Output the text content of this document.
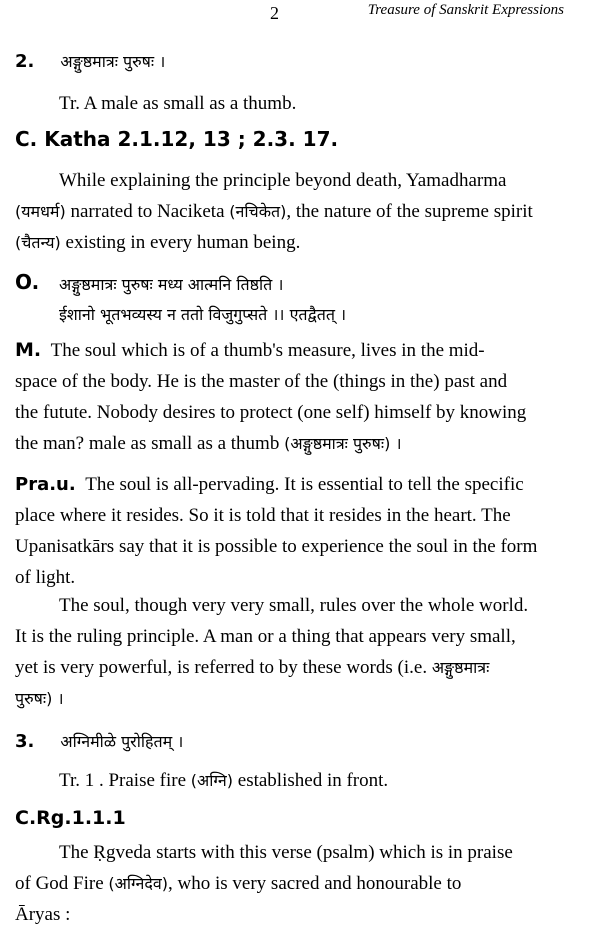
2	Treasure of Sanskrit Expressions
2. अङ्गुष्ठमात्रः पुरुषः ।
Tr. A male as small as a thumb.
C. Katha 2.1.12, 13 ; 2.3. 17.

While explaining the principle beyond death, Yamadharma

(यमधर्म) narrated to Naciketa (नचिकेत), the nature of the supreme spirit

(चैतन्य) existing in every human being.

O. अङ्गुष्ठमात्रः पुरुषः मध्य आत्मनि तिष्ठति ।
ईशानो भूतभव्यस्य न ततो विजुगुप्सते ।। एतद्वैतत् ।

M. The soul which is of a thumb's measure, lives in the mid-

space of the body. He is the master of the (things in the) past and

the futute. Nobody desires to protect (one self) himself by knowing

the man? male as small as a thumb (अङ्गुष्ठमात्रः पुरुषः) ।

Pra.u. The soul is all-pervading. It is essential to tell the specific

place where it resides. So it is told that it resides in the heart. The

Upanisatkārs say that it is possible to experience the soul in the form

of light.

The soul, though very very small, rules over the whole world.

It is the ruling principle. A man or a thing that appears very small,

yet is very powerful, is referred to by these words (i.e. अङ्गुष्ठमात्रः

पुरुषः) ।

3. अग्निमीळे पुरोहितम् ।
Tr. 1 . Praise fire (अग्नि) established in front.
C.Rg.1.1.1

The Ṛgveda starts with this verse (psalm) which is in praise

of God Fire (अग्निदेव), who is very sacred and honourable to

Āryas :
